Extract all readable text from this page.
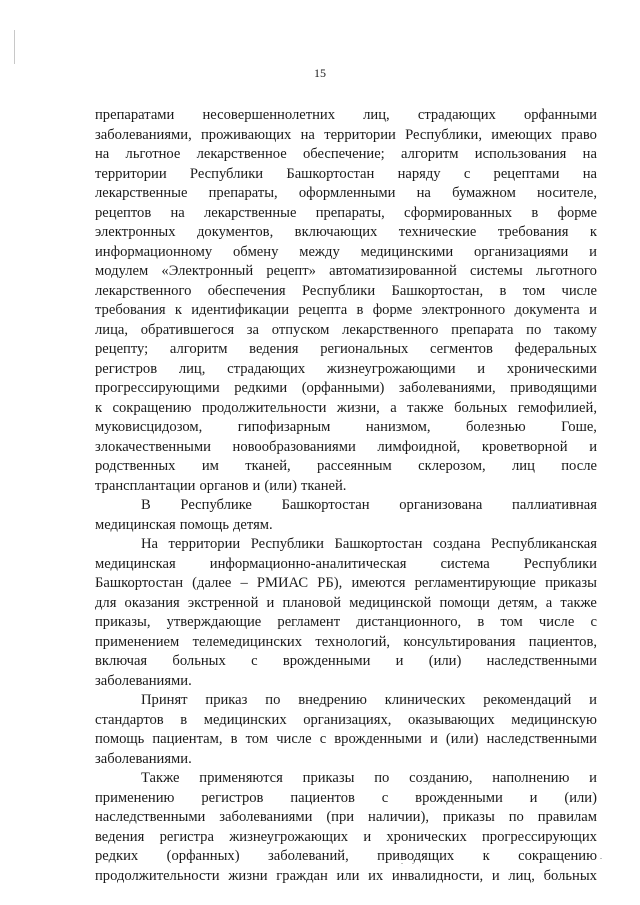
15
препаратами несовершеннолетних лиц, страдающих орфанными
заболеваниями, проживающих на территории Республики, имеющих право
на льготное лекарственное обеспечение; алгоритм использования на
территории Республики Башкортостан наряду с рецептами на
лекарственные препараты, оформленными на бумажном носителе,
рецептов на лекарственные препараты, сформированных в форме
электронных документов, включающих технические требования к
информационному обмену между медицинскими организациями и
модулем «Электронный рецепт» автоматизированной системы льготного
лекарственного обеспечения Республики Башкортостан, в том числе
требования к идентификации рецепта в форме электронного документа и
лица, обратившегося за отпуском лекарственного препарата по такому
рецепту; алгоритм ведения региональных сегментов федеральных
регистров лиц, страдающих жизнеугрожающими и хроническими
прогрессирующими редкими (орфанными) заболеваниями, приводящими
к сокращению продолжительности жизни, а также больных гемофилией,
муковисцидозом, гипофизарным нанизмом, болезнью Гоше,
злокачественными новообразованиями лимфоидной, кроветворной и
родственных им тканей, рассеянным склерозом, лиц после
трансплантации органов и (или) тканей.
В Республике Башкортостан организована паллиативная
медицинская помощь детям.
На территории Республики Башкортостан создана Республиканская
медицинская информационно-аналитическая система Республики
Башкортостан (далее – РМИАС РБ), имеются регламентирующие приказы
для оказания экстренной и плановой медицинской помощи детям, а также
приказы, утверждающие регламент дистанционного, в том числе с
применением телемедицинских технологий, консультирования пациентов,
включая больных с врожденными и (или) наследственными
заболеваниями.
Принят приказ по внедрению клинических рекомендаций и
стандартов в медицинских организациях, оказывающих медицинскую
помощь пациентам, в том числе с врожденными и (или) наследственными
заболеваниями.
Также применяются приказы по созданию, наполнению и
применению регистров пациентов с врожденными и (или)
наследственными заболеваниями (при наличии), приказы по правилам
ведения регистра жизнеугрожающих и хронических прогрессирующих
редких (орфанных) заболеваний, приводящих к сокращению
продолжительности жизни граждан или их инвалидности, и лиц, больных
